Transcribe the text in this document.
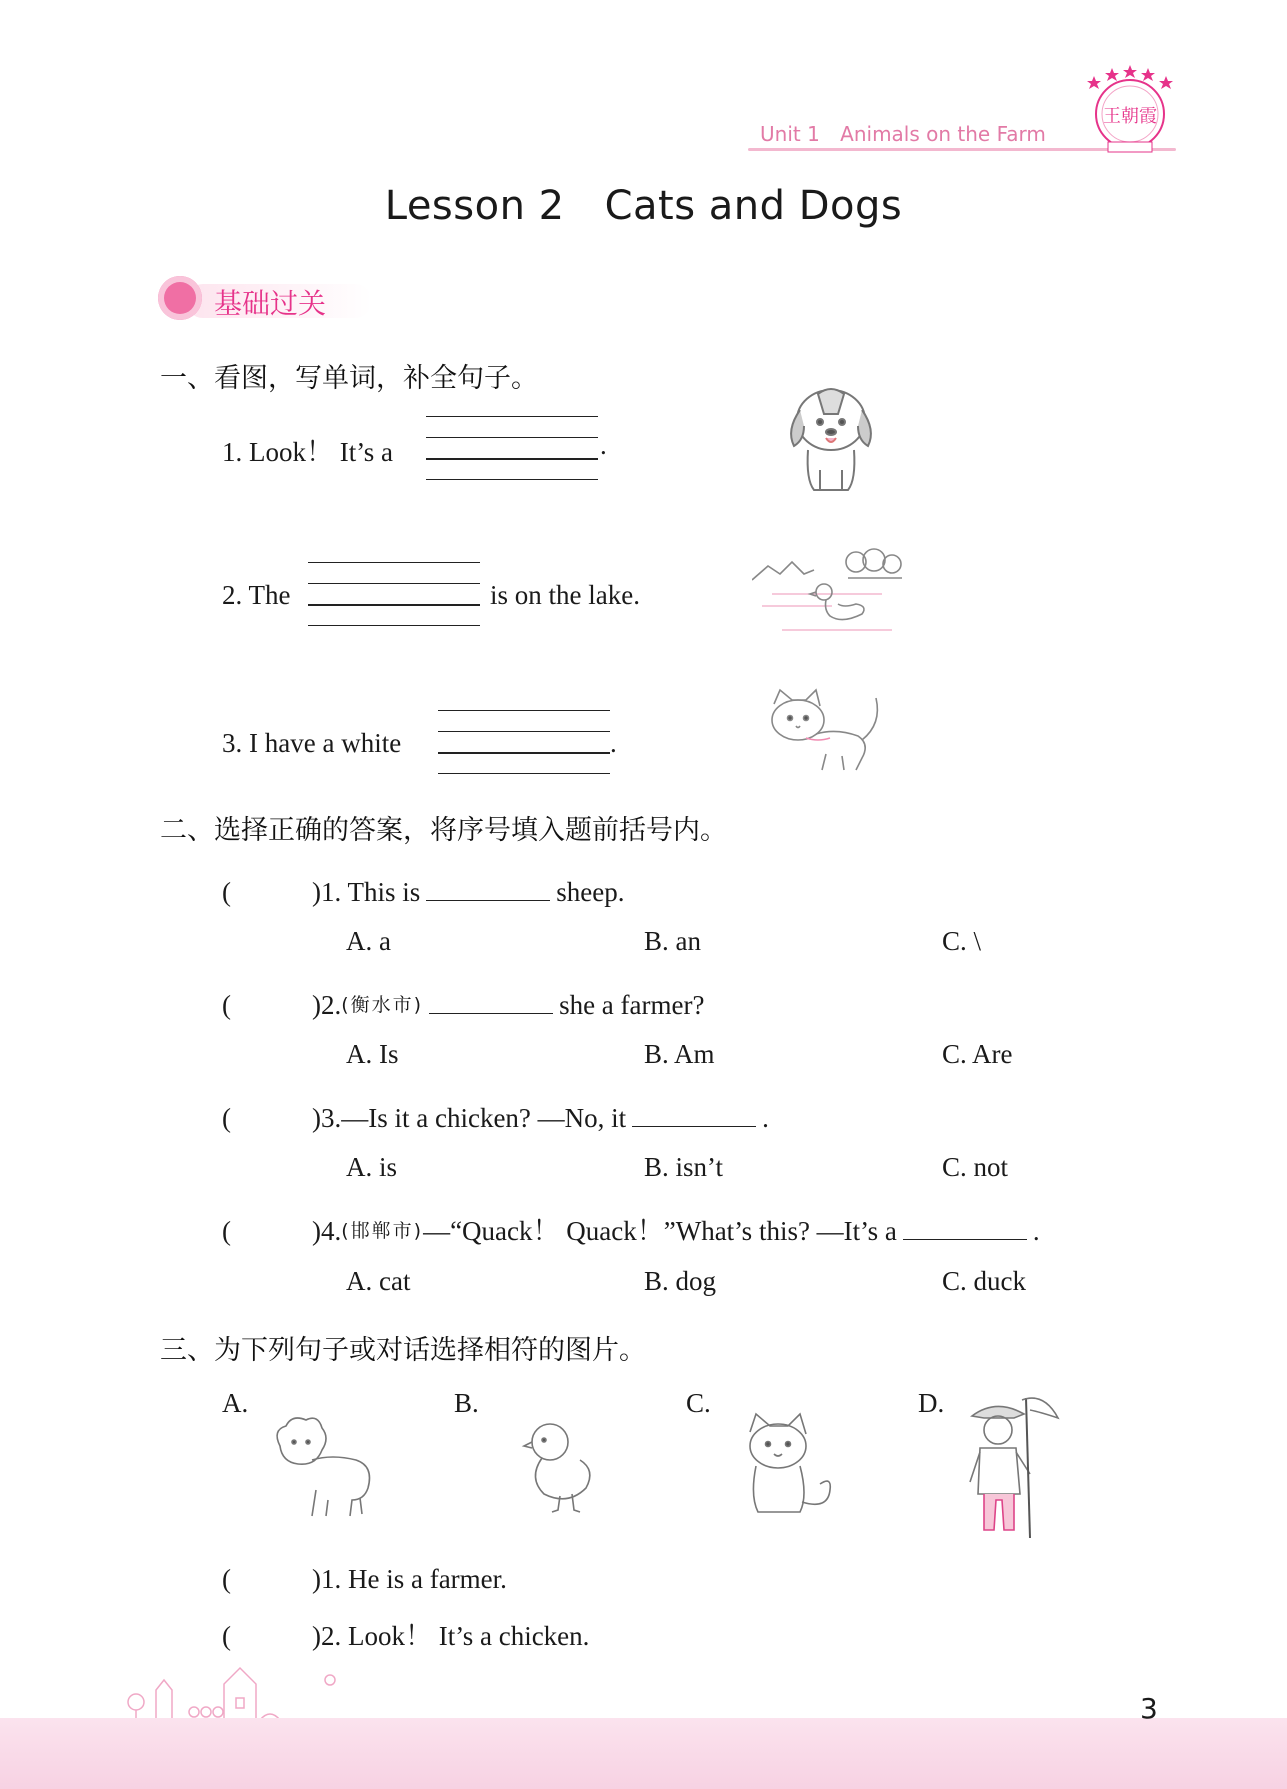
Unit 1 Animals on the Farm
王朝霞
Lesson 2 Cats and Dogs
基础过关
一、看图，写单词，补全句子。
1. Look！ It’s a	.
2. The	is on the lake.
3. I have a white	.
二、选择正确的答案，将序号填入题前括号内。
(　　　)1. This is	sheep.
A. a	B. an	C. \
(　　　)2.(衡水市)	she a farmer?
A. Is	B. Am	C. Are
(　　　)3.—Is it a chicken? —No, it	.
A. is	B. isn’t	C. not
(　　　)4.(邯郸市)—“Quack！ Quack！”What’s this? —It’s a	.
A. cat	B. dog	C. duck
三、为下列句子或对话选择相符的图片。
A.	B.	C.	D.
(　　　)1. He is a farmer.
(　　　)2. Look！ It’s a chicken.
3
